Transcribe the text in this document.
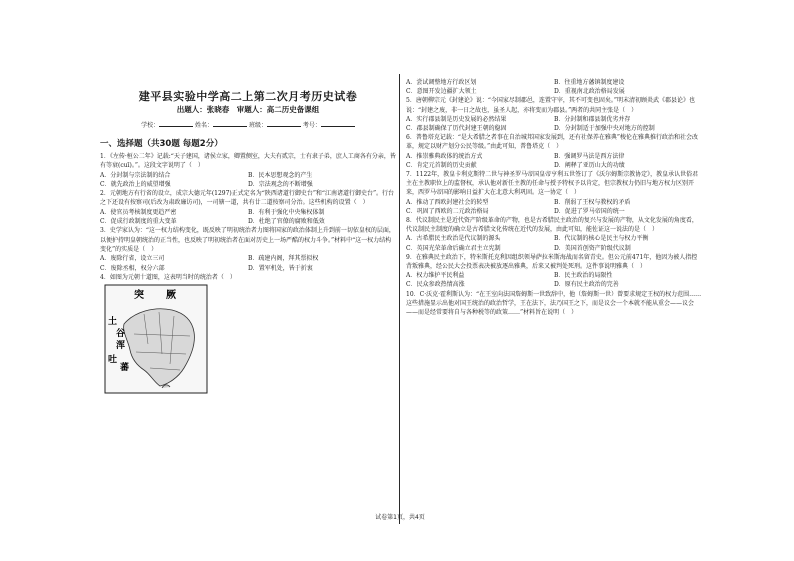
建平县实验中学高二上第二次月考历史试卷
出题人：张晓春　审题人：高二历史备课组
学校：	姓名：	班级：	考号：
一、选择题（共30题 每题2分）

1．《左传·桓公二年》记载:“天子建国，诸侯立家，卿置侧室，大夫有贰宗，士有隶子弟，庶人工商各有分亲，皆有等衰(cuī)。”。这段文字说明了（　）

A．分封制与宗法制的结合	B．民本思想观念的产生
C．就先政治上的威望增强	D．宗法观念的不断增强

2．元朝地方有行省的设立，成宗大德元年(1297)正式定名为“陕西诸道行御史台”和“江南诸道行御史台”。行台之下还设有按察司(后改为肃政廉访司)，一司辖一道，共有廿二道按察司分治。这些机构的设置（　）

A．使官员考核制度更趋严密	B．有利于强化中央集权体制
C．促成行政制度的重大变革	D．杜绝了官僚的腐败和低效

3．史学家认为：“这一权力结构变化，既反映了明初统治者力图将国家的政治体制上升到前一切依皇权的层面，以便护持明皇朝统治的正当性，也反映了明初统治者在面对历史上一场严酷的权力斗争。”材料中“这一权力结构变化”的实质是（　）

A．废除行省，设立三司	B．疏建内阁，拜其票拟权
C．废除丞相，权分六部	D．置军机处，皆于折衷

4．如图为元朝十道图，这表明当时的统治者（　）

突 厥
土
谷
吐
蕃
浑
A．尝试调整地方行政区划	B．往重地方藩镇制度建设
C．意图开发边疆扩大领土	D．重视南北政治格局发展

5．唐朝柳宗元《封建论》说：“今国家尽制郡邑，连置守宰，其不可变也固矣。”明末清初顾炎武《郡县论》也说：“封建之废，非一日之故也，虽圣人起，亦将变而为郡县。”两者的共同主张是（　）

A．实行郡县制是历史发展的必然结果	B．分封制和郡县制优劣并存
C．郡县制确保了历代封建王朝的稳固	D．分封制适于加强中央对地方的控制

6．普鲁塔克记载：“是大希腊之者事在自治城邦国家发展到，还有社保养在雅典”梭伦在雅典推行政治和社会改革，规定以财产划分公民等级。”由此可知，普鲁塔克（　）

A．推崇雅典政体的统治方式	B．强调罗马法是西方法律
C．肯定元首制的历史贡献	D．阐释了亚历山大的功绩

7．1122年，教皇卡利克斯特二世与神圣罗马帝国皇帝亨利五世签订了《沃尔姆斯宗教协定》，教皇承认世俗君主在主教职位上的监督权，承认他对新任主教的任命与授予特权予以肯定，但宗教权力仍旧与地方权力区别开来，西罗马帝国的影响日益扩大在北意大利巩固。这一协定（　）

A．推动了西欧封建社会的转型	B．削弱了王权与教权的矛盾
C．巩固了西欧的二元政治格局	D．促进了罗马帝国的统一

8．代议制民主是近代资产阶级革命的产物，也是古希腊民主政治的复兴与发展的产物，从文化发展的角度看，代议制民主制度的确立是古希腊文化传统在近代的发展，由此可知，能佐证这一说法的是（　）

A．古希腊民主政治是代议制的源头	B．代议制的核心是民主与权力平衡
C．英国光荣革命后确立君主立宪制	D．美国首创资产阶级代议制

9．在雅典民主政治下，特米斯托克利因组织领导萨拉米斯海战而名留青史。但公元前471年，他因为被人指控背叛雅典，经公民大会投票表决被放逐出雅典，后来又被判处死刑。这件事说明雅典（　）

A．权力维护平民利益	B．民主政治的局限性
C．民众参政热情高涨	D．原有民主政治的完善

10．C·沃克·霍利斯认为：“在王室向法国詹姆斯一世致辞中，他（詹姆斯一世）曾要求规定王权的权力范围……这些措施显示出他对国王统治的政治哲学，王在法下，法乃国王之下，而是议会一个本就不能从重会——议会——而是经常要将自与各种税等的政策……”材料旨在说明（　）

试卷第1页，共4页
